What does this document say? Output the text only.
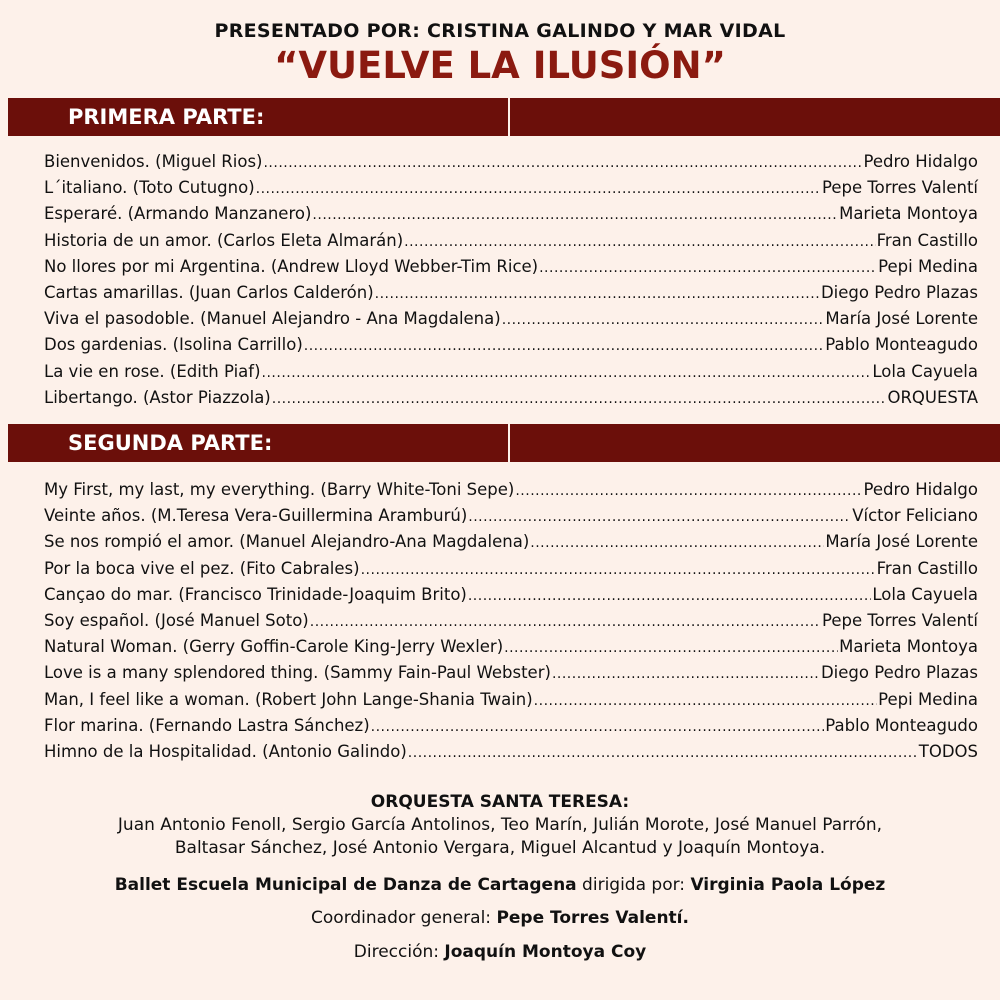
PRESENTADO POR: CRISTINA GALINDO Y MAR VIDAL
“VUELVE LA ILUSIÓN”
PRIMERA PARTE:
Bienvenidos. (Miguel Rios) .....	Pedro Hidalgo
L´italiano. (Toto Cutugno) .....	Pepe Torres Valentí
Esperaré. (Armando Manzanero) .....	Marieta Montoya
Historia de un amor. (Carlos Eleta Almarán) .....	Fran Castillo
No llores por mi Argentina. (Andrew Lloyd Webber-Tim Rice) .....	Pepi Medina
Cartas amarillas. (Juan Carlos Calderón) .....	Diego Pedro Plazas
Viva el pasodoble. (Manuel Alejandro - Ana Magdalena) .....	María José Lorente
Dos gardenias. (Isolina Carrillo) .....	Pablo Monteagudo
La vie en rose. (Edith Piaf) .....	Lola Cayuela
Libertango. (Astor Piazzola) .....	ORQUESTA
SEGUNDA PARTE:
My First, my last, my everything. (Barry White-Toni Sepe) .....	Pedro Hidalgo
Veinte años. (M.Teresa Vera-Guillermina Aramburú) .....	Víctor Feliciano
Se nos rompió el amor. (Manuel Alejandro-Ana Magdalena) .....	María José Lorente
Por la boca vive el pez. (Fito Cabrales) .....	Fran Castillo
Cançao do mar. (Francisco Trinidade-Joaquim Brito) .....	Lola Cayuela
Soy español. (José Manuel Soto) .....	Pepe Torres Valentí
Natural Woman. (Gerry Goffin-Carole King-Jerry Wexler) .....	Marieta Montoya
Love is a many splendored thing. (Sammy Fain-Paul Webster) .....	Diego Pedro Plazas
Man, I feel like a woman. (Robert John Lange-Shania Twain) .....	Pepi Medina
Flor marina. (Fernando Lastra Sánchez) .....	Pablo Monteagudo
Himno de la Hospitalidad. (Antonio Galindo) .....	TODOS
ORQUESTA SANTA TERESA:
Juan Antonio Fenoll, Sergio García Antolinos, Teo Marín, Julián Morote, José Manuel Parrón,
Baltasar Sánchez, José Antonio Vergara, Miguel Alcantud y Joaquín Montoya.
Ballet Escuela Municipal de Danza de Cartagena dirigida por: Virginia Paola López
Coordinador general: Pepe Torres Valentí.
Dirección: Joaquín Montoya Coy
